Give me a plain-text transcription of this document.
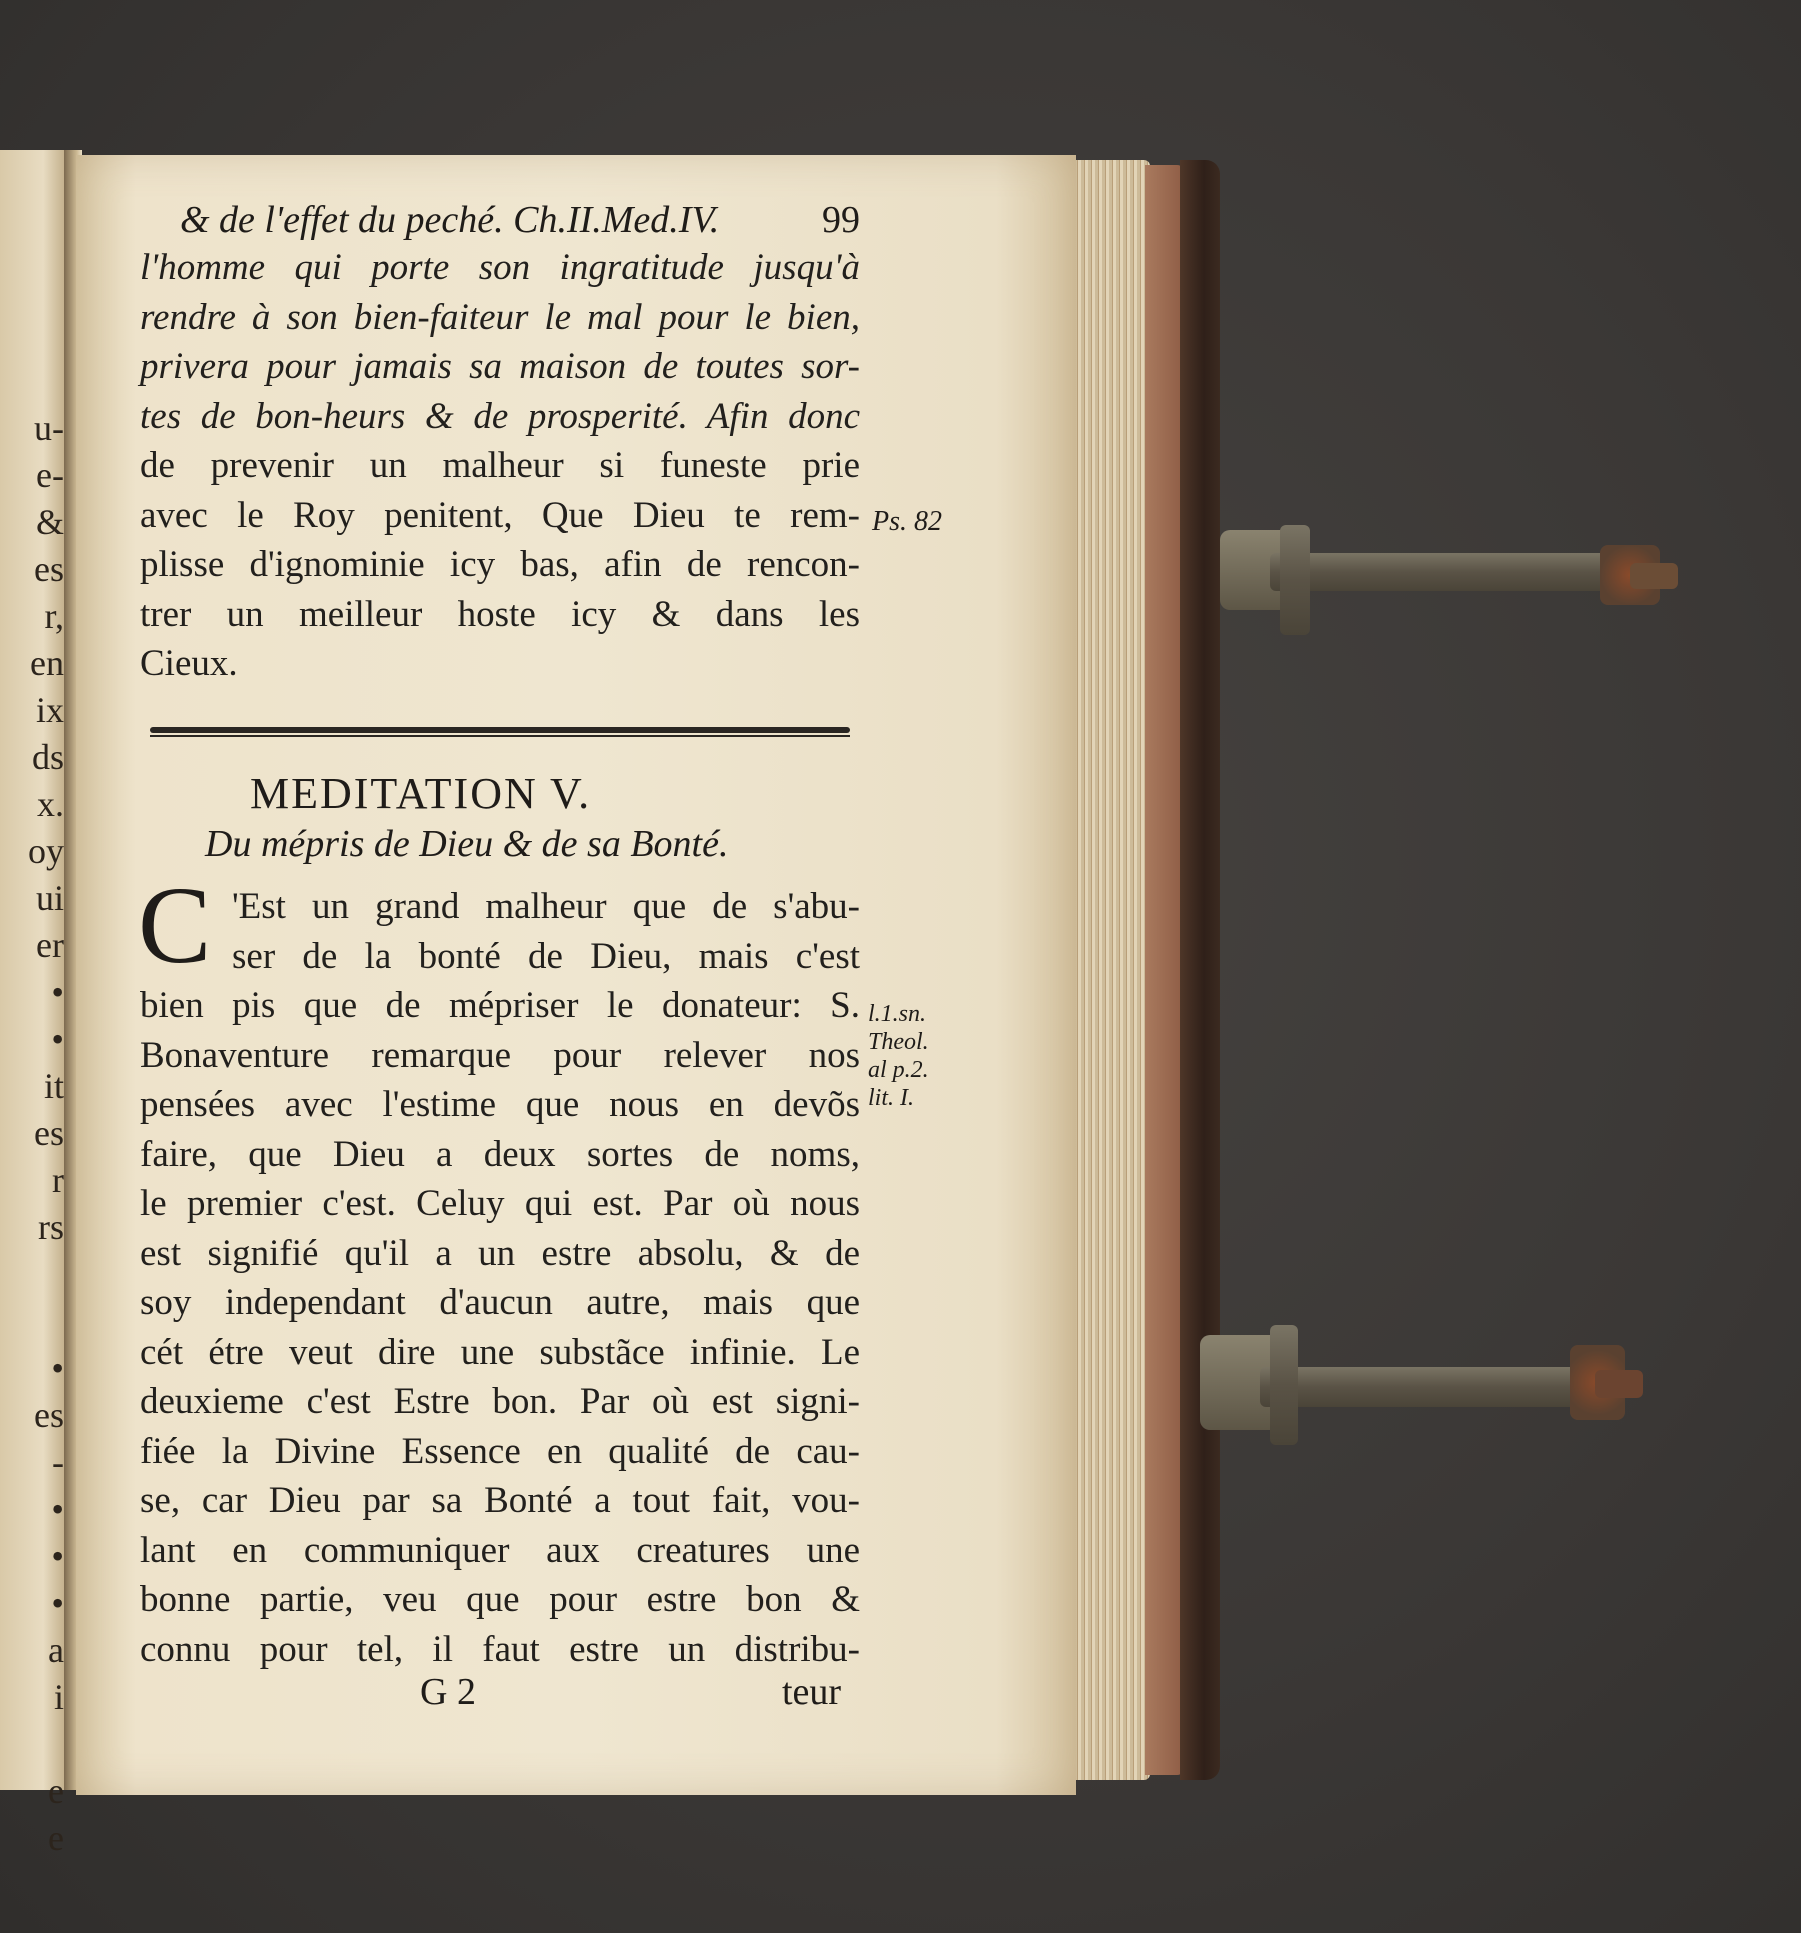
u-
e-
&
es
r,
en
ix
ds
x.
oy
ui
er
•
•
it
es
r
rs
•
es
-
•
•
•
a
i
e
e
& de l'effet du peché. Ch.II.Med.IV.	99
l'homme qui porte son ingratitude jusqu'à
rendre à son bien-faiteur le mal pour le bien,
privera pour jamais sa maison de toutes sor-
tes de bon-heurs & de prosperité. Afin donc
de prevenir un malheur si funeste prie
avec le Roy penitent, Que Dieu te rem-
plisse d'ignominie icy bas, afin de rencon-
trer un meilleur hoste icy & dans les
Cieux.
Ps. 82
MEDITATION V.
Du mépris de Dieu & de sa Bonté.
C 'Est un grand malheur que de s'abu-
ser de la bonté de Dieu, mais c'est
bien pis que de mépriser le donateur: S.
Bonaventure remarque pour relever nos
pensées avec l'estime que nous en devõs
faire, que Dieu a deux sortes de noms,
le premier c'est. Celuy qui est. Par où nous
est signifié qu'il a un estre absolu, & de
soy independant d'aucun autre, mais que
cét étre veut dire une substãce infinie. Le
deuxieme c'est Estre bon. Par où est signi-
fiée la Divine Essence en qualité de cau-
se, car Dieu par sa Bonté a tout fait, vou-
lant en communiquer aux creatures une
bonne partie, veu que pour estre bon &
connu pour tel, il faut estre un distribu-
l.1.sn.
Theol.
al p.2.
lit. I.
G 2	teur
